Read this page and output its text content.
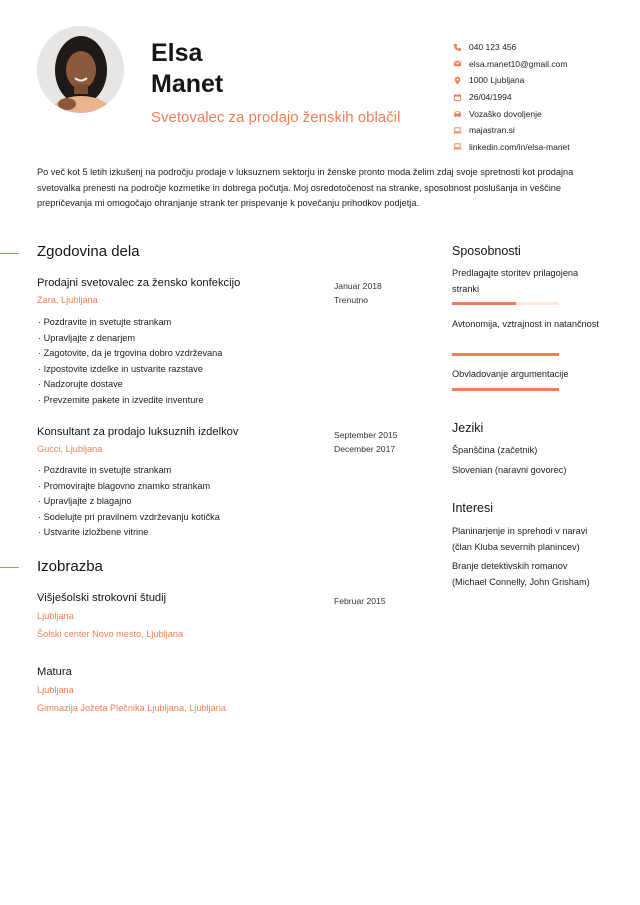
Elsa
Manet
Svetovalec za prodajo ženskih oblačil
040 123 456
elsa.manet10@gmail.com
1000 Ljubljana
26/04/1994
Vozaško dovoljenje
majastran.si
linkedin.com/in/elsa-manet
Po več kot 5 letih izkušenj na področju prodaje v luksuznem sektorju in ženske pronto moda želim zdaj svoje spretnosti kot prodajna svetovalka prenesti na področje kozmetike in dobrega počutja. Moj osredotočenost na stranke, sposobnost poslušanja in veščine prepričevanja mi omogočajo ohranjanje strank ter prispevanje k povečanju prihodkov podjetja.
Zgodovina dela
Prodajni svetovalec za žensko konfekcijo
Zara, Ljubljana
Januar 2018
Trenutno
· Pozdravite in svetujte strankam
· Upravljajte z denarjem
· Zagotovite, da je trgovina dobro vzdrževana
· Izpostovite izdelke in ustvarite razstave
· Nadzorujte dostave
· Prevzemite pakete in izvedite inventure
Konsultant za prodajo luksuznih izdelkov
Gucci, Ljubljana
September 2015
December 2017
· Pozdravite in svetujte strankam
· Promovirajte blagovno znamko strankam
· Upravljajte z blagajno
· Sodelujte pri pravilnem vzdrževanju kotička
· Ustvarite izložbene vitrine
Izobrazba
Višješolski strokovni študij	Februar 2015
Ljubljana
Šolski center Novo mesto, Ljubljana
Matura
Ljubljana
Gimnazija Jožeta Plečnika Ljubljana, Ljubljana
Sposobnosti
Predlagajte storitev prilagojena stranki
Avtonomija, vztrajnost in natančnost
Obvladovanje argumentacije
Jeziki
Španščina (začetnik)
Slovenian (naravni govorec)
Interesi
Planinarjenje in sprehodi v naravi (član Kluba severnih planincev)
Branje detektivskih romanov (Michael Connelly, John Grisham)
